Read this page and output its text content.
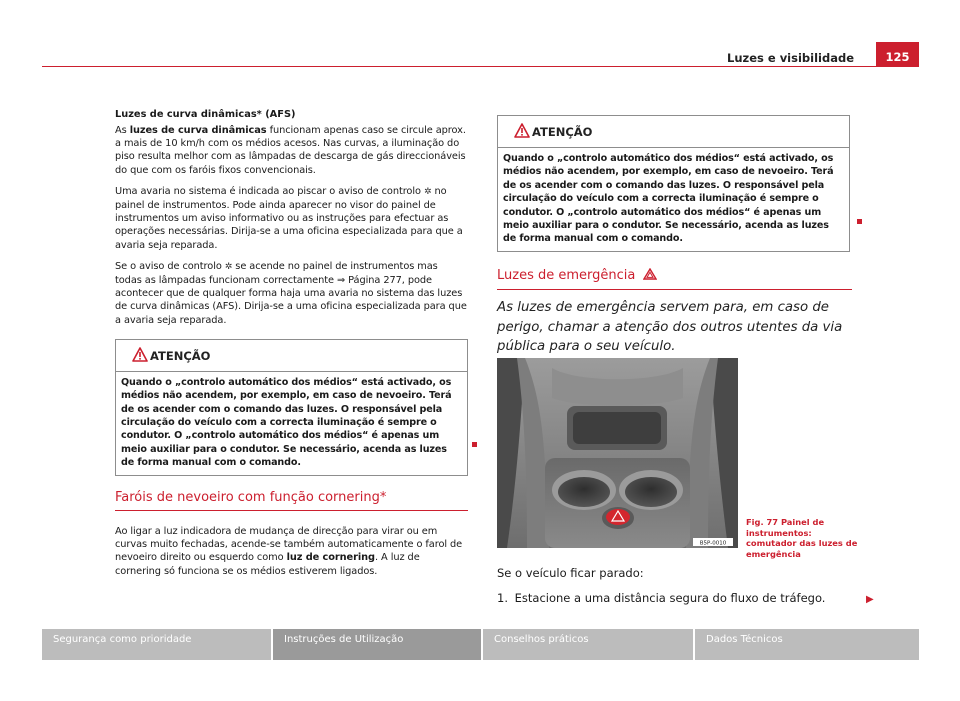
Luzes e visibilidade	125
Luzes de curva dinâmicas* (AFS)
As luzes de curva dinâmicas funcionam apenas caso se circule aprox. a mais de 10 km/h com os médios acesos. Nas curvas, a iluminação do piso resulta melhor com as lâmpadas de descarga de gás direccionáveis do que com os faróis fixos convencionais.
Uma avaria no sistema é indicada ao piscar o aviso de controlo ✲ no painel de instrumentos. Pode ainda aparecer no visor do painel de instrumentos um aviso informativo ou as instruções para efectuar as operações necessárias. Dirija-se a uma oficina especializada para que a avaria seja reparada.
Se o aviso de controlo ✲ se acende no painel de instrumentos mas todas as lâmpadas funcionam correctamente ⇒ Página 277, pode acontecer que de qualquer forma haja uma avaria no sistema das luzes de curva dinâmicas (AFS). Dirija-se a uma oficina especializada para que a avaria seja reparada.
ATENÇÃO
Quando o „controlo automático dos médios“ está activado, os médios não acendem, por exemplo, em caso de nevoeiro. Terá de os acender com o comando das luzes. O responsável pela circulação do veículo com a correcta iluminação é sempre o condutor. O „controlo automático dos médios“ é apenas um meio auxiliar para o condutor. Se necessário, acenda as luzes de forma manual com o comando.
Faróis de nevoeiro com função cornering*
Ao ligar a luz indicadora de mudança de direcção para virar ou em curvas muito fechadas, acende-se também automaticamente o farol de nevoeiro direito ou esquerdo como luz de cornering. A luz de cornering só funciona se os médios estiverem ligados.
ATENÇÃO
Quando o „controlo automático dos médios“ está activado, os médios não acendem, por exemplo, em caso de nevoeiro. Terá de os acender com o comando das luzes. O responsável pela circulação do veículo com a correcta iluminação é sempre o condutor. O „controlo automático dos médios“ é apenas um meio auxiliar para o condutor. Se necessário, acenda as luzes de forma manual com o comando.
Luzes de emergência
As luzes de emergência servem para, em caso de perigo, chamar a atenção dos outros utentes da via pública para o seu veículo.
B5P-0010
Fig. 77 Painel de instrumentos: comutador das luzes de emergência
Se o veículo ficar parado:
1. Estacione a uma distância segura do fluxo de tráfego.	▶
Segurança como prioridade	Instruções de Utilização	Conselhos práticos	Dados Técnicos
